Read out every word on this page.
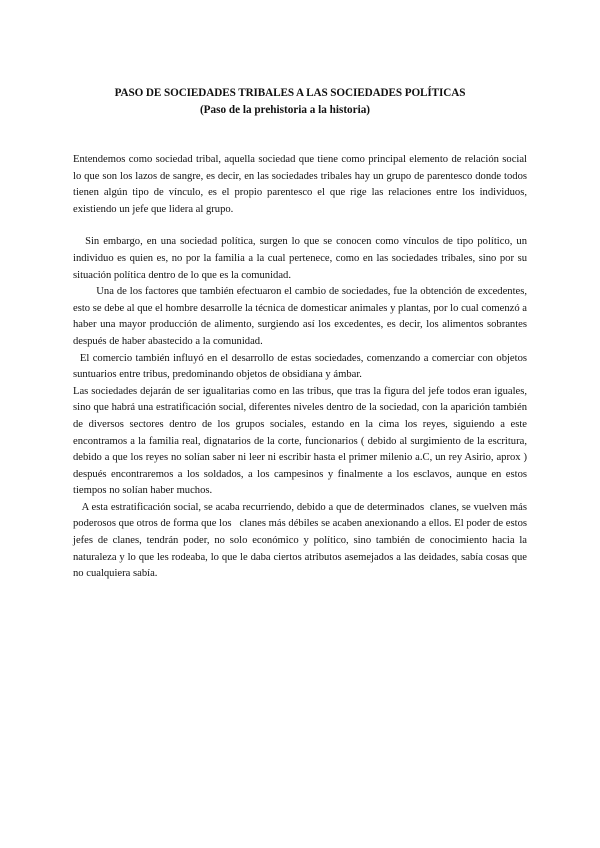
PASO DE SOCIEDADES TRIBALES A LAS SOCIEDADES POLÍTICAS
(Paso de la prehistoria a la historia)

Entendemos como sociedad tribal, aquella sociedad que tiene como principal elemento de relación social lo que son los lazos de sangre, es decir, en las sociedades tribales hay un grupo de parentesco donde todos tienen algún tipo de vínculo, es el propio parentesco el que rige las relaciones entre los individuos, existiendo un jefe que lidera al grupo.

Sin embargo, en una sociedad política, surgen lo que se conocen como vínculos de tipo político, un individuo es quien es, no por la familia a la cual pertenece, como en las sociedades tribales, sino por su situación política dentro de lo que es la comunidad.

Una de los factores que también efectuaron el cambio de sociedades, fue la obtención de excedentes, esto se debe al que el hombre desarrolle la técnica de domesticar animales y plantas, por lo cual comenzó a haber una mayor producción de alimento, surgiendo así los excedentes, es decir, los alimentos sobrantes después de haber abastecido a la comunidad.

El comercio también influyó en el desarrollo de estas sociedades, comenzando a comerciar con objetos suntuarios entre tribus, predominando objetos de obsidiana y ámbar.

Las sociedades dejarán de ser igualitarias como en las tribus, que tras la figura del jefe todos eran iguales, sino que habrá una estratificación social, diferentes niveles dentro de la sociedad, con la aparición también de diversos sectores dentro de los grupos sociales, estando en la cima los reyes, siguiendo a este encontramos a la familia real, dignatarios de la corte, funcionarios ( debido al surgimiento de la escritura, debido a que los reyes no solían saber ni leer ni escribir hasta el primer milenio a.C, un rey Asirio, aprox ) después encontraremos a los soldados, a los campesinos y finalmente a los esclavos, aunque en estos tiempos no solían haber muchos.

A esta estratificación social, se acaba recurriendo, debido a que de determinados  clanes, se vuelven más poderosos que otros de forma que los   clanes más débiles se acaben anexionando a ellos. El poder de estos jefes de clanes, tendrán poder, no solo económico y político, sino también de conocimiento hacia la naturaleza y lo que les rodeaba, lo que le daba ciertos atributos asemejados a las deidades, sabía cosas que no cualquiera sabía.
